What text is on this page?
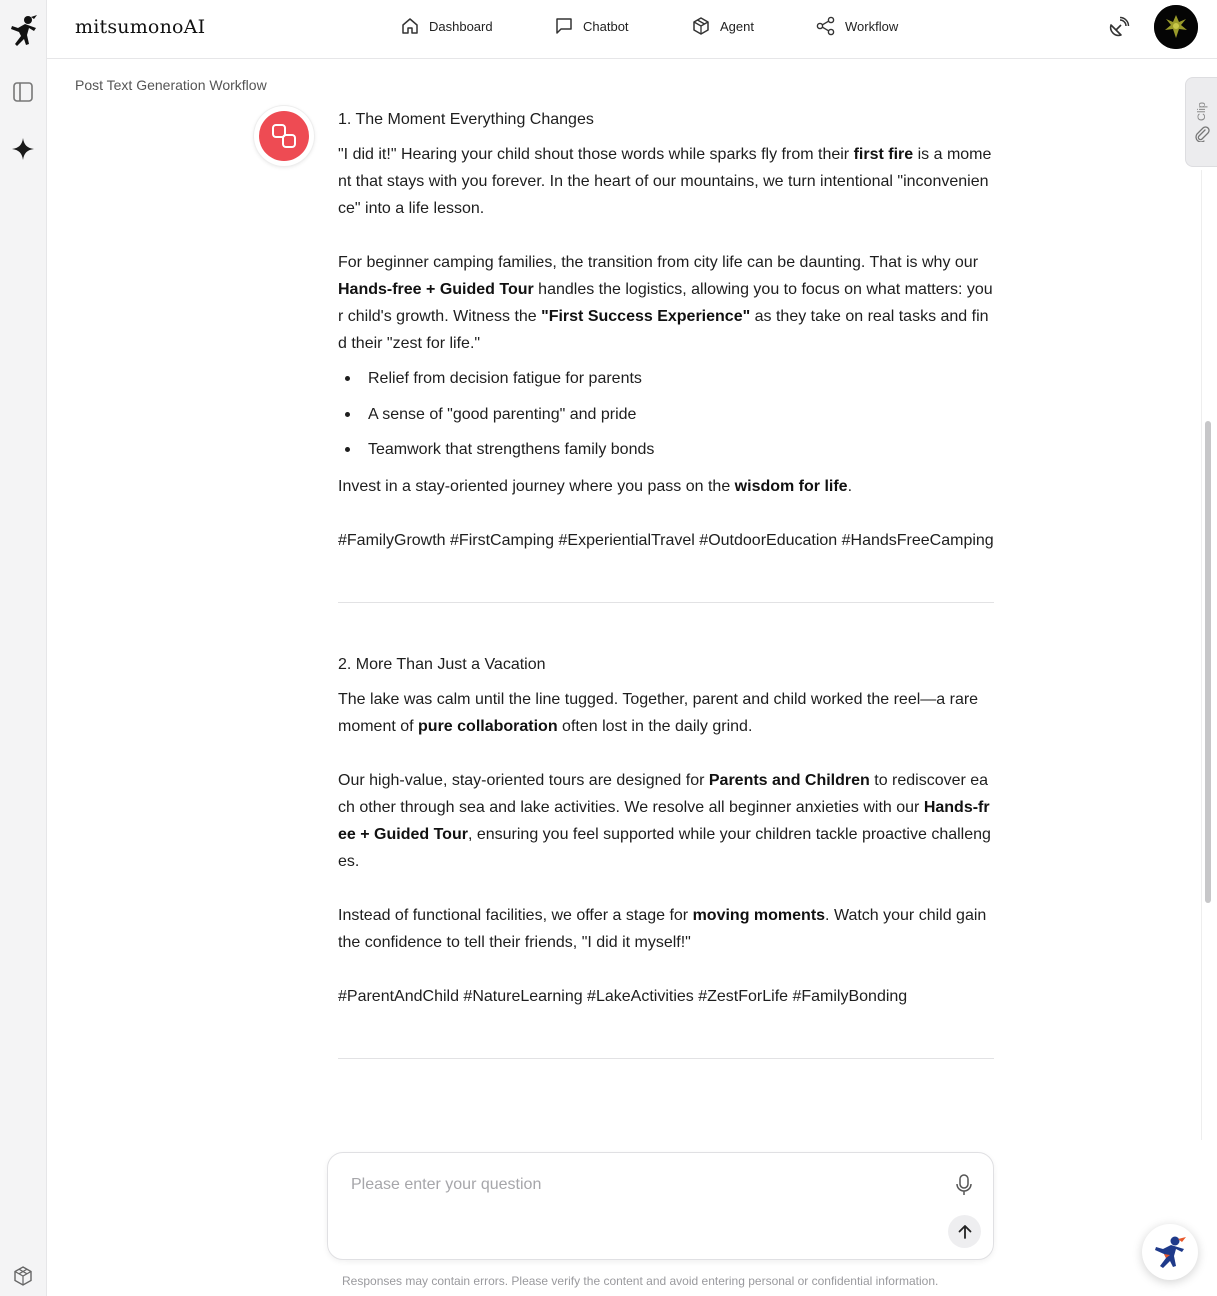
mitsumonoAI	Dashboard	Chatbot	Agent	Workflow
Post Text Generation Workflow
Clip

1. The Moment Everything Changes

"I did it!" Hearing your child shout those words while sparks fly from their first fire is a moment that stays with you forever. In the heart of our mountains, we turn intentional "inconvenience" into a life lesson.

For beginner camping families, the transition from city life can be daunting. That is why our Hands-free + Guided Tour handles the logistics, allowing you to focus on what matters: your child's growth. Witness the "First Success Experience" as they take on real tasks and find their "zest for life."

Relief from decision fatigue for parents
A sense of "good parenting" and pride
Teamwork that strengthens family bonds

Invest in a stay-oriented journey where you pass on the wisdom for life.

#FamilyGrowth #FirstCamping #ExperientialTravel #OutdoorEducation #HandsFreeCamping

2. More Than Just a Vacation

The lake was calm until the line tugged. Together, parent and child worked the reel—a rare moment of pure collaboration often lost in the daily grind.

Our high-value, stay-oriented tours are designed for Parents and Children to rediscover each other through sea and lake activities. We resolve all beginner anxieties with our Hands-free + Guided Tour, ensuring you feel supported while your children tackle proactive challenges.

Instead of functional facilities, we offer a stage for moving moments. Watch your child gain the confidence to tell their friends, "I did it myself!"

#ParentAndChild #NatureLearning #LakeActivities #ZestForLife #FamilyBonding

Please enter your question
Responses may contain errors. Please verify the content and avoid entering personal or confidential information.
